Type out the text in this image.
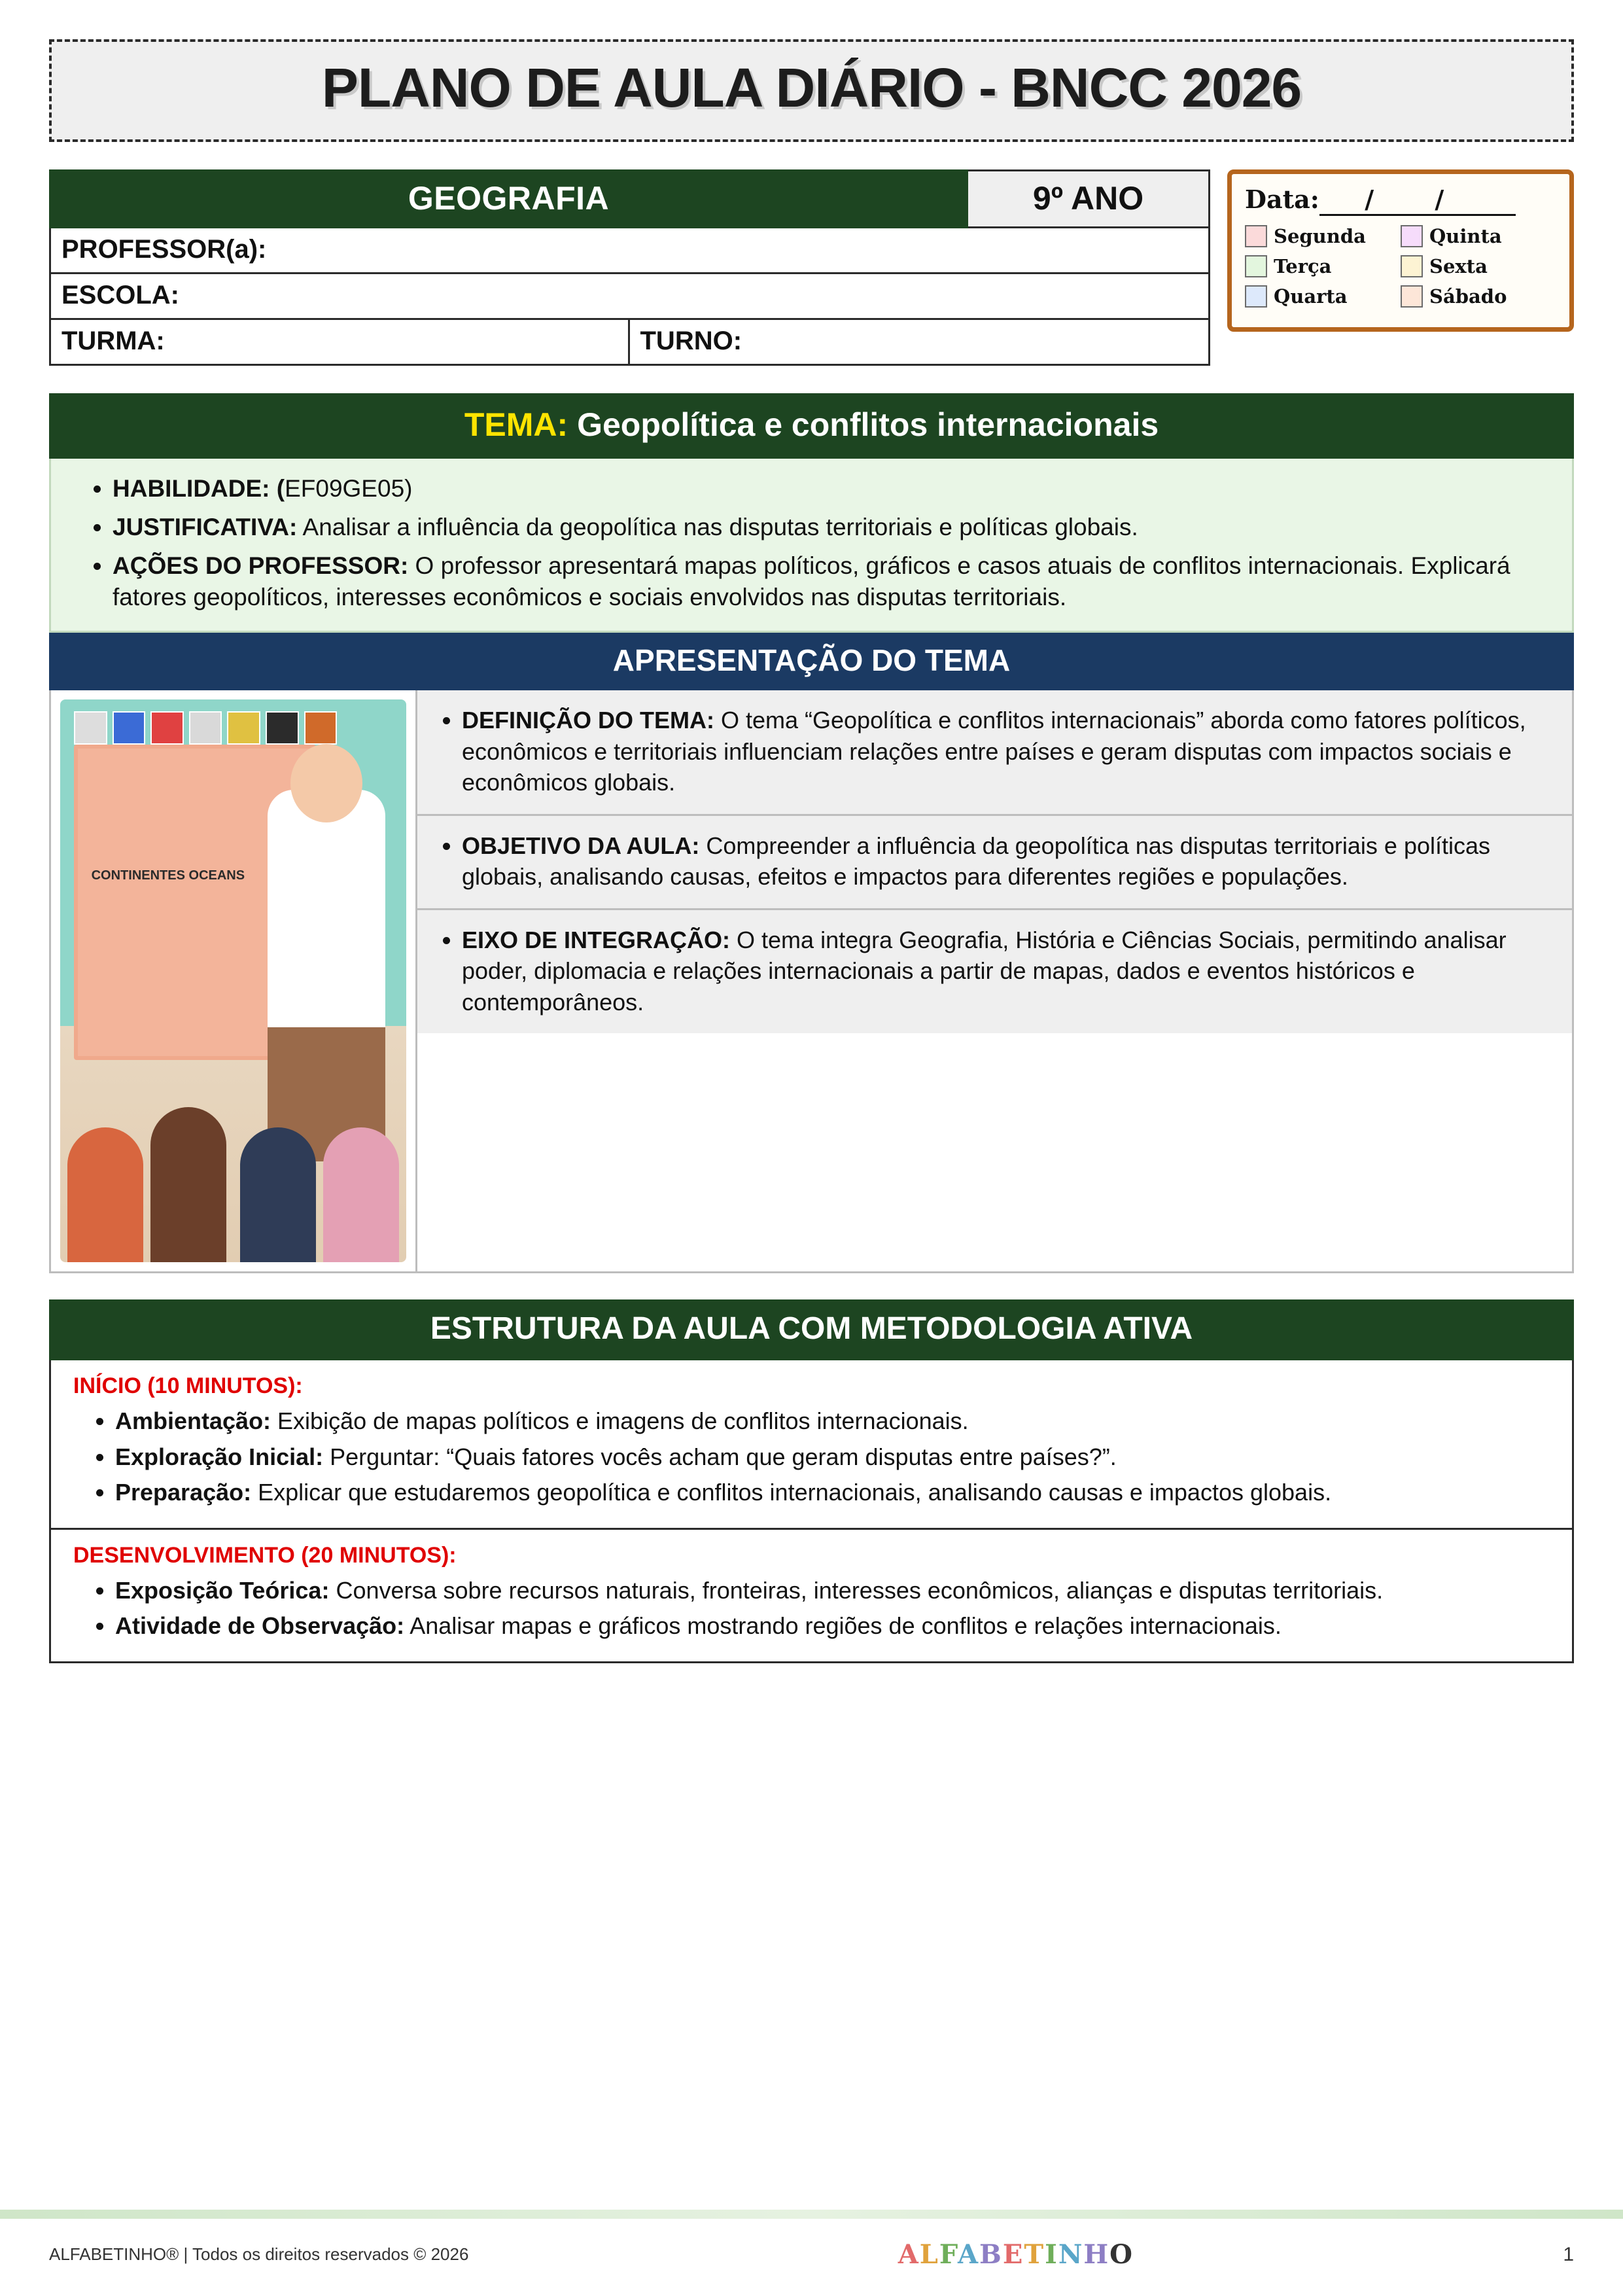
PLANO DE AULA DIÁRIO - BNCC 2026
GEOGRAFIA	9º ANO
PROFESSOR(a):
ESCOLA:
TURMA:	TURNO:
Data: / /
Segunda	Quinta
Terça	Sexta
Quarta	Sábado
TEMA: Geopolítica e conflitos internacionais
• HABILIDADE: (EF09GE05)
• JUSTIFICATIVA: Analisar a influência da geopolítica nas disputas territoriais e políticas globais.
• AÇÕES DO PROFESSOR: O professor apresentará mapas políticos, gráficos e casos atuais de conflitos internacionais. Explicará fatores geopolíticos, interesses econômicos e sociais envolvidos nas disputas territoriais.
APRESENTAÇÃO DO TEMA
CONTINENTES OCEANS
• DEFINIÇÃO DO TEMA: O tema “Geopolítica e conflitos internacionais” aborda como fatores políticos, econômicos e territoriais influenciam relações entre países e geram disputas com impactos sociais e econômicos globais.
• OBJETIVO DA AULA: Compreender a influência da geopolítica nas disputas territoriais e políticas globais, analisando causas, efeitos e impactos para diferentes regiões e populações.
• EIXO DE INTEGRAÇÃO: O tema integra Geografia, História e Ciências Sociais, permitindo analisar poder, diplomacia e relações internacionais a partir de mapas, dados e eventos históricos e contemporâneos.
ESTRUTURA DA AULA COM METODOLOGIA ATIVA
INÍCIO (10 MINUTOS):
• Ambientação: Exibição de mapas políticos e imagens de conflitos internacionais.
• Exploração Inicial: Perguntar: “Quais fatores vocês acham que geram disputas entre países?”.
• Preparação: Explicar que estudaremos geopolítica e conflitos internacionais, analisando causas e impactos globais.
DESENVOLVIMENTO (20 MINUTOS):
• Exposição Teórica: Conversa sobre recursos naturais, fronteiras, interesses econômicos, alianças e disputas territoriais.
• Atividade de Observação: Analisar mapas e gráficos mostrando regiões de conflitos e relações internacionais.
ALFABETINHO® | Todos os direitos reservados © 2026	ALFABETINHO	1
